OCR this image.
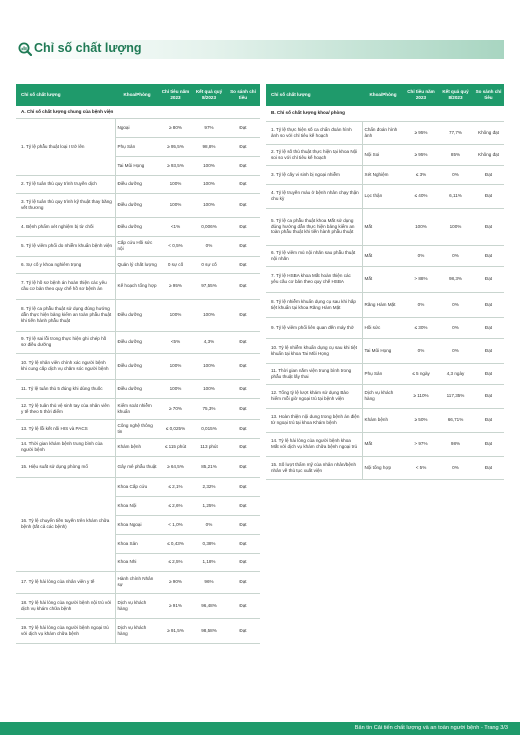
Chỉ số chất lượng
Chỉ số chất lượng	Khoa/Phòng	Chỉ tiêu năm 2023	Kết quả quý 8/2023	So sánh chỉ tiêu
A. Chỉ số chất lượng chung của bệnh viện				
1. Tỷ lệ phẫu thuật loại I trở lên	Ngoại	≥ 80%	97%	Đạt
	Phụ Sản	≥ 95,5%	98,8%	Đạt
	Tai Mũi Họng	≥ 93,5%	100%	Đạt
2. Tỷ lệ tuân thủ quy trình truyền dịch	Điều dưỡng	100%	100%	Đạt
3. Tỷ lệ tuân thủ quy trình kỹ thuật thay băng vết thương	Điều dưỡng	100%	100%	Đạt
4. Bệnh phẩm xét nghiệm bị từ chối	Điều dưỡng	<1%	0,006%	Đạt
5. Tỷ lệ viêm phổi do nhiễm khuẩn bệnh viện	Cấp cứu Hồi sức nội	< 0,5%	0%	Đạt
6. Sự cố y khoa nghiêm trọng	Quản lý chất lượng	0 sự cố	0 sự cố	Đạt
7. Tỷ lệ hồ sơ bệnh án hoàn thiện các yêu cầu cơ bản theo quy chế hồ sơ bệnh án	Kế hoạch tổng hợp	≥ 95%	97,55%	Đạt
8. Tỷ lệ ca phẫu thuật sử dụng đúng hướng dẫn thực hiện bảng kiểm an toàn phẫu thuật khi tiến hành phẫu thuật	Điều dưỡng	100%	100%	Đạt
9. Tỷ lệ sai lỗi trong thực hiện ghi chép hồ sơ điều dưỡng	Điều dưỡng	<5%	4,3%	Đạt
10. Tỷ lệ nhân viên chính xác người bệnh khi cung cấp dịch vụ chăm sóc người bệnh	Điều dưỡng	100%	100%	Đạt
11. Tỷ lệ tuân thủ 5 đúng khi dùng thuốc	Điều dưỡng	100%	100%	Đạt
12. Tỷ lệ tuân thủ vệ sinh tay của nhân viên y tế theo 5 thời điểm	Kiểm soát nhiễm khuẩn	≥ 70%	75,3%	Đạt
13. Tỷ lệ lỗi kết nối HIS và PACS	Công nghệ thông tin	≤ 0,025%	0,015%	Đạt
14. Thời gian khám bệnh trung bình của người bệnh	Khám bệnh	≤ 115 phút	113 phút	Đạt
15. Hiệu suất sử dụng phòng mổ	Gây mê phẫu thuật	≥ 64,5%	85,21%	Đạt
16. Tỷ lệ chuyển tiền tuyến trên khám chữa bệnh (tất cả các bệnh)	Khoa Cấp cứu	≤ 2,1%	2,32%	Đạt
	Khoa Nội	≤ 2,6%	1,25%	Đạt
	Khoa Ngoại	< 1,0%	0%	Đạt
	Khoa Sản	≤ 0,43%	0,38%	Đạt
	Khoa Nhi	≤ 2,5%	1,18%	Đạt
17. Tỷ lệ hài lòng của nhân viên y tế	Hành chính Nhân sự	≥ 90%	96%	Đạt
18. Tỷ lệ hài lòng của người bệnh nội trú với dịch vụ khám chữa bệnh	Dịch vụ khách hàng	≥ 91%	96,48%	Đạt
19. Tỷ lệ hài lòng của người bệnh ngoại trú với dịch vụ khám chữa bệnh	Dịch vụ khách hàng	≥ 91,5%	98,58%	Đạt
Chỉ số chất lượng	Khoa/Phòng	Chỉ tiêu năm 2023	Kết quả quý 8/2023	So sánh chỉ tiêu
B. Chỉ số chất lượng khoa/ phòng				
1. Tỷ lệ thực hiện số ca chẩn đoán hình ảnh so với chỉ tiêu kế hoạch	Chẩn đoán hình ảnh	≥ 95%	77,7%	Không đạt
2. Tỷ lệ số thủ thuật thực hiện tại khoa Nội soi so với chỉ tiêu kế hoạch	Nội Soi	≥ 95%	85%	Không đạt
3. Tỷ lệ cấy vi sinh bị ngoại nhiễm	Xét Nghiệm	≤ 3%	0%	Đạt
4. Tỷ lệ truyền máu ở bệnh nhân chạy thận chu kỳ	Lọc thận	≤ 40%	6,11%	Đạt
5. Tỷ lệ ca phẫu thuật khoa Mắt sử dụng đúng hướng dẫn thực hiện bảng kiểm an toàn phẫu thuật khi tiến hành phẫu thuật	Mắt	100%	100%	Đạt
6. Tỷ lệ viêm mủ nội nhãn sau phẫu thuật nội nhãn	Mắt	0%	0%	Đạt
7. Tỷ lệ HSBA khoa Mắt hoàn thiện các yêu cầu cơ bản theo quy chế HSBA	Mắt	> 88%	98,3%	Đạt
8. Tỷ lệ nhiễm khuẩn dụng cụ sau khi hấp tiệt khuẩn tại khoa Răng Hàm Mặt	Răng Hàm Mặt	0%	0%	Đạt
9. Tỷ lệ viêm phổi liên quan đến máy thở	Hồi sức	≤ 30%	0%	Đạt
10. Tỷ lệ nhiễm khuẩn dụng cụ sau khi tiệt khuẩn tại khoa Tai Mũi Họng	Tai Mũi Họng	0%	0%	Đạt
11. Thời gian nằm viện trung bình trong phẫu thuật lấy thai	Phụ Sản	≤ 5 ngày	4,3 ngày	Đạt
12. Tổng tỷ lệ lượt khám sử dụng Bảo hiểm mỗi giờ ngoại trú tại bệnh viện	Dịch vụ khách hàng	≥ 110%	117,35%	Đạt
13. Hoàn thiện nội dung trong bệnh án điện tử ngoại trú tại khoa Khám bệnh	Khám bệnh	≥ 50%	66,71%	Đạt
14. Tỷ lệ hài lòng của người bệnh khoa Mắt với dịch vụ khám chữa bệnh ngoại trú	Mắt	> 97%	98%	Đạt
15. Số lượt thẩm mỹ của nhân nhân/bệnh nhân về thủ tục xuất viện	Nội tổng hợp	< 5%	0%	Đạt
Bản tin Cải tiến chất lượng và an toàn người bệnh - Trang 3/3
